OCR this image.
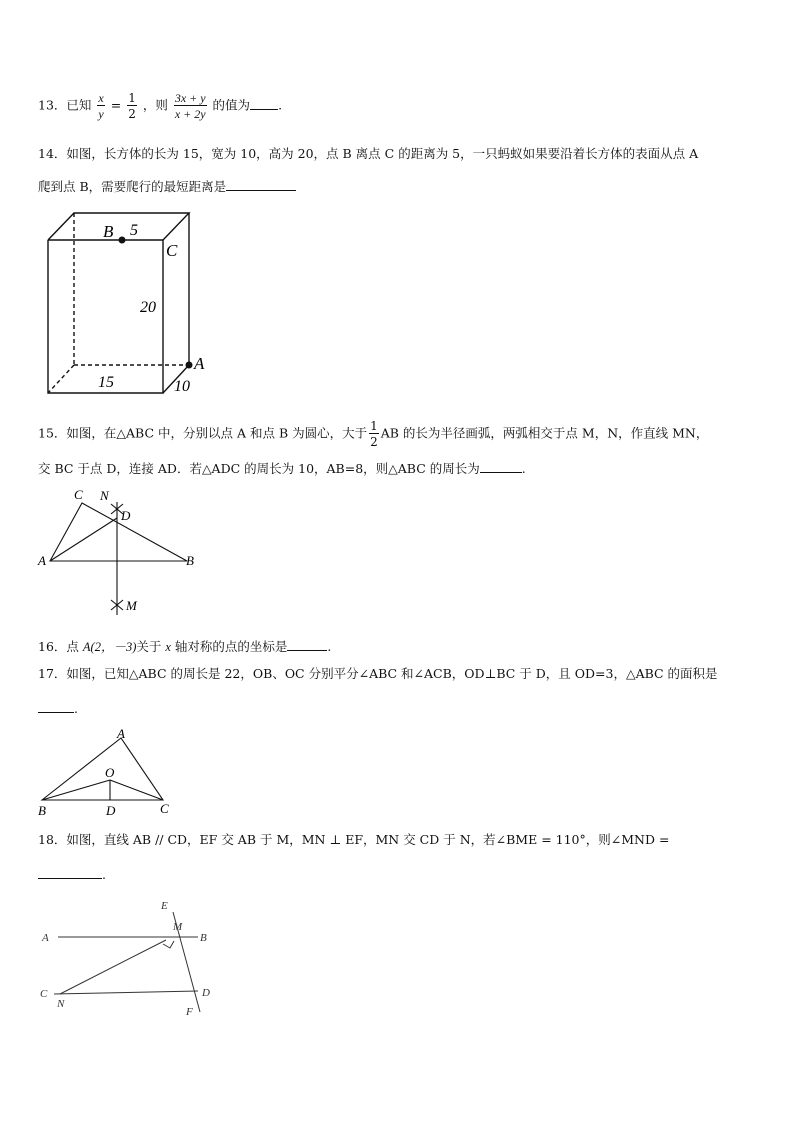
13．已知 $\frac{x}{y} = \frac{1}{2}$ ，则 $\frac{3x + y}{x + 2y}$ 的值为 .
14．如图，长方体的长为 15，宽为 10，高为 20，点 B 离点 C 的距离为 5，一只蚂蚁如果要沿着长方体的表面从点 A
爬到点 B，需要爬行的最短距离是
B 5
C
20
A
15	10
15．如图，在△ABC 中，分别以点 A 和点 B 为圆心，大于 $\frac{1}{2}$ AB 的长为半径画弧，两弧相交于点 M，N，作直线 MN，
交 BC 于点 D，连接 AD．若△ADC 的周长为 10，AB=8，则△ABC 的周长为	.
C N
D
A	B
M
16．点 A(2，－3)关于 x 轴对称的点的坐标是	.
17．如图，已知△ABC 的周长是 22，OB、OC 分别平分∠ABC 和∠ACB，OD⊥BC 于 D，且 OD=3，△ABC 的面积是
.
A
O
B	D	C
18．如图，直线 AB // CD，EF 交 AB 于 M，MN ⊥ EF，MN 交 CD 于 N，若∠BME = 110°，则∠MND =
.
E
M
A	B
C
N
D
F
